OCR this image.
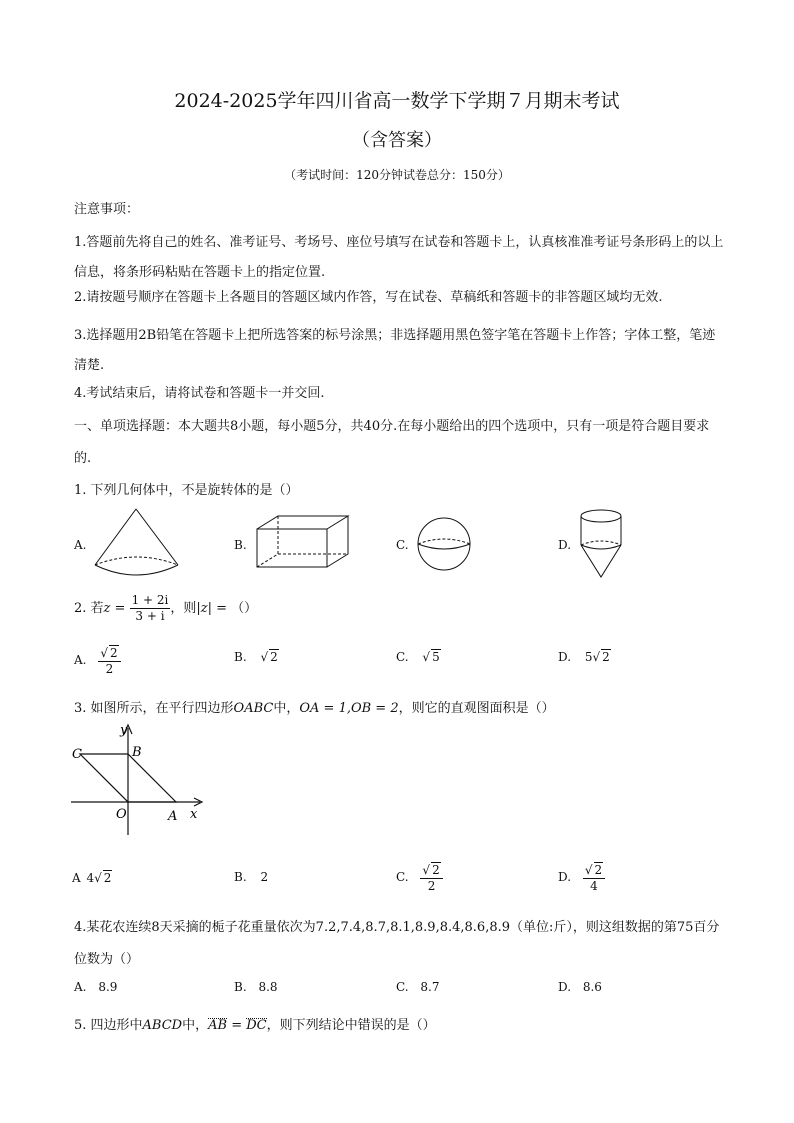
2024-2025学年四川省高一数学下学期７月期末考试
（含答案）
（考试时间：120分钟试卷总分：150分）
注意事项：
1.答题前先将自己的姓名、准考证号、考场号、座位号填写在试卷和答题卡上，认真核准准考证号条形码上的以上信息，将条形码粘贴在答题卡上的指定位置.
2.请按题号顺序在答题卡上各题目的答题区域内作答，写在试卷、草稿纸和答题卡的非答题区域均无效.
3.选择题用2B铅笔在答题卡上把所选答案的标号涂黑；非选择题用黑色签字笔在答题卡上作答；字体工整，笔迹清楚.
4.考试结束后，请将试卷和答题卡一并交回.
一、单项选择题：本大题共8小题，每小题5分，共40分.在每小题给出的四个选项中，只有一项是符合题目要求的.
1. 下列几何体中，不是旋转体的是（）
A.	B.	C.	D.
2. 若$z = \frac{1 + 2i}{3 + i}$ ，则|z| = （）
A. $\frac{√ 2}{2}$	B. √ 2	C. √ 5	D. 5√ 2
3. 如图所示，在平行四边形OABC中，OA = 1,OB = 2，则它的直观图面积是（）
y
x
O	A
B
C
A 4√ 2	B. 2	C. $\frac{√ 2}{2}$	D. $\frac{√ 2}{4}$
4.某花农连续8天采摘的栀子花重量依次为7.2,7.4,8.7,8.1,8.9,8.4,8.6,8.9（单位:斤），则这组数据的第75百分位数为（）
A. 8.9	B. 8.8	C. 8.7	D. 8.6
5. 四边形中ABCD中，AB = DC，则下列结论中错误的是（）
